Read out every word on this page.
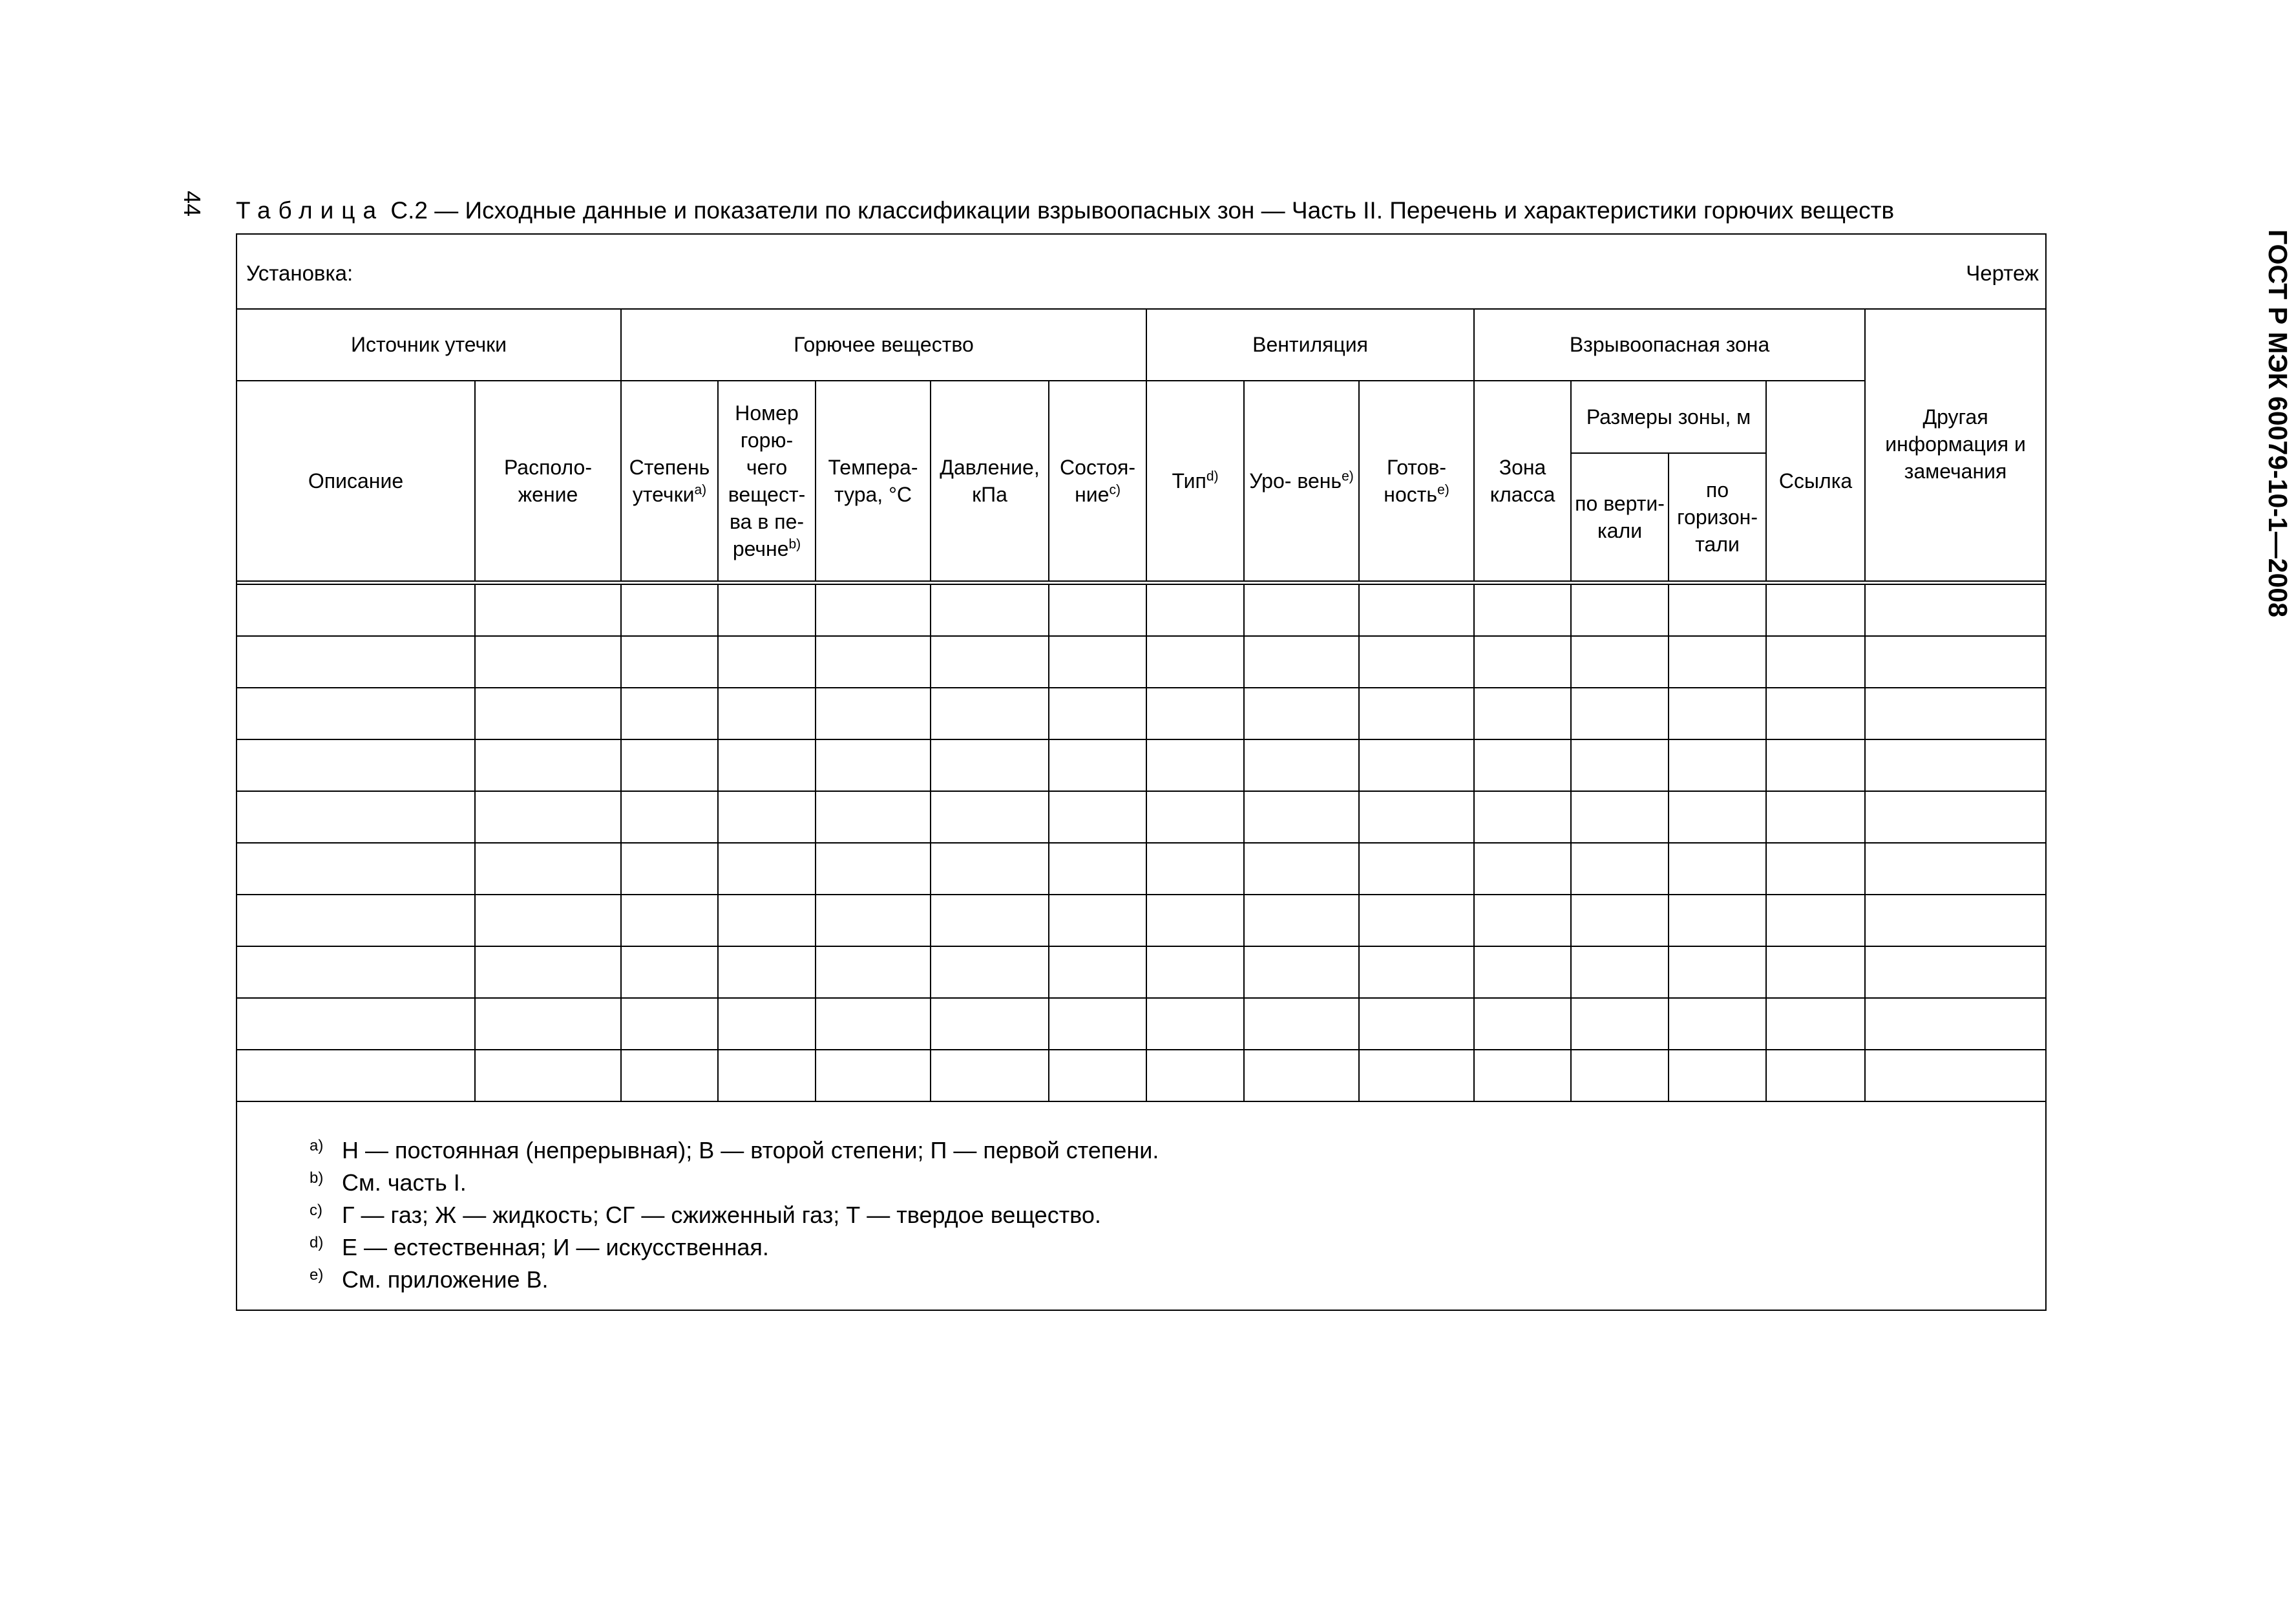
44
ГОСТ Р МЭК 60079-10-1—2008
Таблица С.2 — Исходные данные и показатели по классификации взрывоопасных зон — Часть II. Перечень и характеристики горючих веществ
Установка:	Чертеж
Источник утечки		Горючее вещество					Вентиляция			Взрывоопасная зона				Другая информация и замечания
Описание	Располо- жение	Степень утечки$^{a)}$	Номер горю- чего вещест- ва в пе- речне$^{b)}$	Темпера- тура, °С	Давление, кПа	Состоя- ние$^{c)}$	Тип$^{d)}$	Уро- вень$^{e)}$	Готов- ность$^{e)}$	Зона класса	Размеры зоны, м		Ссылка	
											по верти- кали	по горизон- тали		

a) Н — постоянная (непрерывная); В — второй степени; П — первой степени.
b) См. часть I.
c) Г — газ; Ж — жидкость; СГ — сжиженный газ; Т — твердое вещество.
d) Е — естественная; И — искусственная.
e) См. приложение В.
